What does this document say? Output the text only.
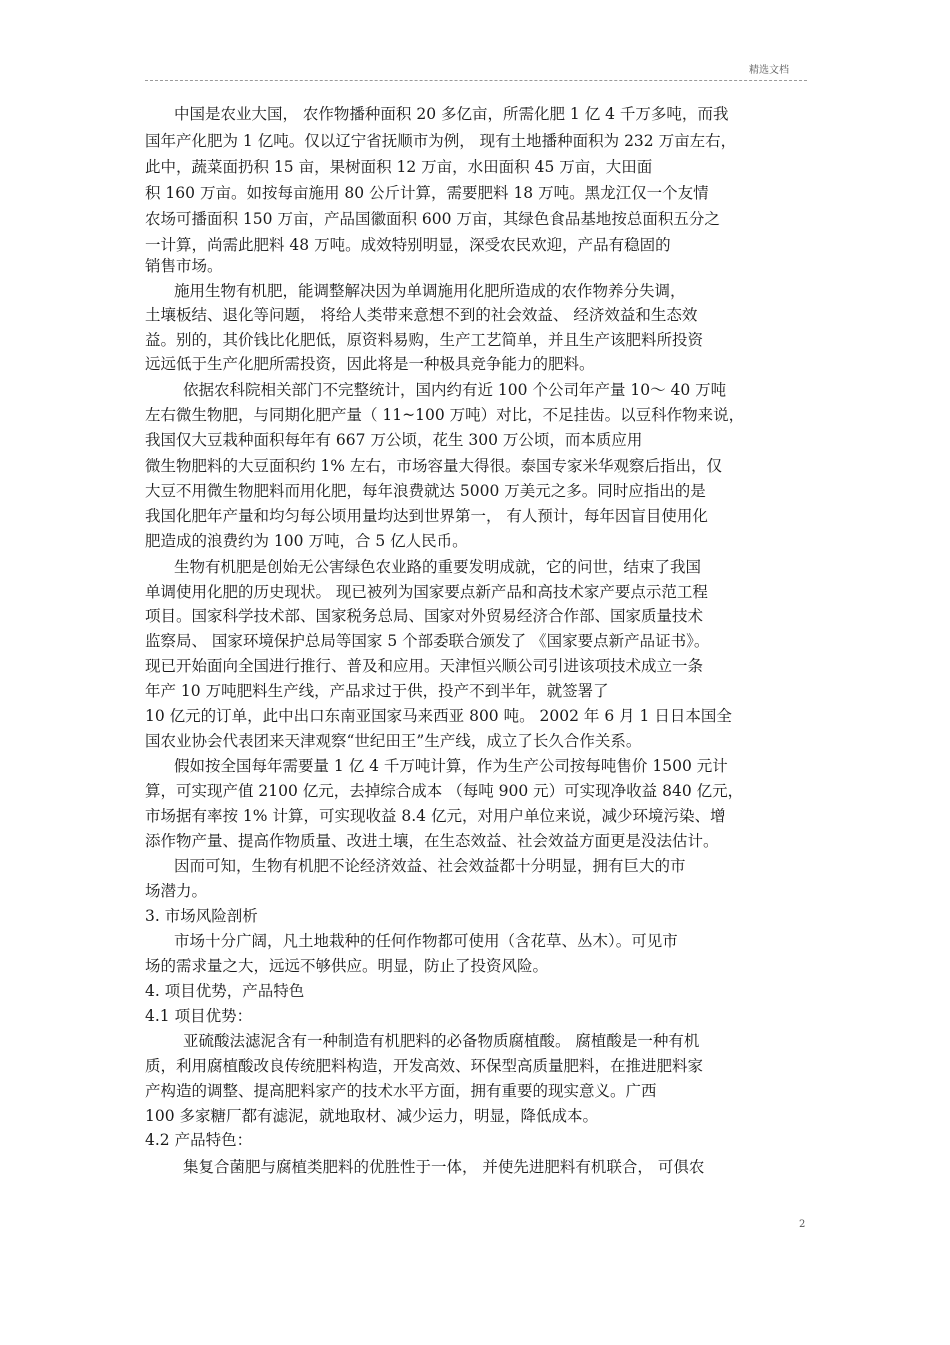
精选文档
中国是农业大国， 农作物播种面积 20 多亿亩，所需化肥 1 亿 4 千万多吨，而我
国年产化肥为 1 亿吨。仅以辽宁省抚顺市为例， 现有土地播种面积为 232 万亩左右，
此中，蔬菜面扔积 15 亩，果树面积 12 万亩，水田面积 45 万亩，大田面
积 160 万亩。如按每亩施用 80 公斤计算，需要肥料 18 万吨。黑龙江仅一个友情
农场可播面积 150 万亩，产品国徽面积 600 万亩，其绿色食品基地按总面积五分之
一计算，尚需此肥料 48 万吨。成效特别明显，深受农民欢迎，产品有稳固的
销售市场。
施用生物有机肥，能调整解决因为单调施用化肥所造成的农作物养分失调，
土壤板结、退化等问题， 将给人类带来意想不到的社会效益、 经济效益和生态效
益。别的，其价钱比化肥低，原资料易购，生产工艺简单，并且生产该肥料所投资
远远低于生产化肥所需投资，因此将是一种极具竞争能力的肥料。
依据农科院相关部门不完整统计，国内约有近 100 个公司年产量 10～ 40 万吨
左右微生物肥，与同期化肥产量（ 11~100 万吨）对比，不足挂齿。以豆科作物来说，
我国仅大豆栽种面积每年有 667 万公顷，花生 300 万公顷，而本质应用
微生物肥料的大豆面积约 1% 左右，市场容量大得很。泰国专家米华观察后指出，仅
大豆不用微生物肥料而用化肥，每年浪费就达 5000 万美元之多。同时应指出的是
我国化肥年产量和均匀每公顷用量均达到世界第一， 有人预计，每年因盲目使用化
肥造成的浪费约为 100 万吨，合 5 亿人民币。
生物有机肥是创始无公害绿色农业路的重要发明成就，它的问世，结束了我国
单调使用化肥的历史现状。 现已被列为国家要点新产品和高技术家产要点示范工程
项目。国家科学技术部、国家税务总局、国家对外贸易经济合作部、国家质量技术
监察局、 国家环境保护总局等国家 5 个部委联合颁发了 《国家要点新产品证书》。
现已开始面向全国进行推行、普及和应用。天津恒兴顺公司引进该项技术成立一条
年产 10 万吨肥料生产线，产品求过于供，投产不到半年，就签署了
10 亿元的订单，此中出口东南亚国家马来西亚 800 吨。 2002 年 6 月 1 日日本国全
国农业协会代表团来天津观察“世纪田王”生产线，成立了长久合作关系。
假如按全国每年需要量 1 亿 4 千万吨计算，作为生产公司按每吨售价 1500 元计
算，可实现产值 2100 亿元，去掉综合成本 （每吨 900 元）可实现净收益 840 亿元，
市场据有率按 1% 计算，可实现收益 8.4 亿元，对用户单位来说，减少环境污染、增
添作物产量、提高作物质量、改进土壤，在生态效益、社会效益方面更是没法估计。
因而可知，生物有机肥不论经济效益、社会效益都十分明显，拥有巨大的市
场潜力。
3. 市场风险剖析
市场十分广阔，凡土地栽种的任何作物都可使用（含花草、丛木）。可见市
场的需求量之大，远远不够供应。明显，防止了投资风险。
4. 项目优势，产品特色
4.1 项目优势：
亚硫酸法滤泥含有一种制造有机肥料的必备物质腐植酸。 腐植酸是一种有机
质，利用腐植酸改良传统肥料构造，开发高效、环保型高质量肥料，在推进肥料家
产构造的调整、提高肥料家产的技术水平方面，拥有重要的现实意义。广西
100 多家糖厂都有滤泥，就地取材、减少运力，明显，降低成本。
4.2 产品特色：
集复合菌肥与腐植类肥料的优胜性于一体， 并使先进肥料有机联合， 可俱农
2
